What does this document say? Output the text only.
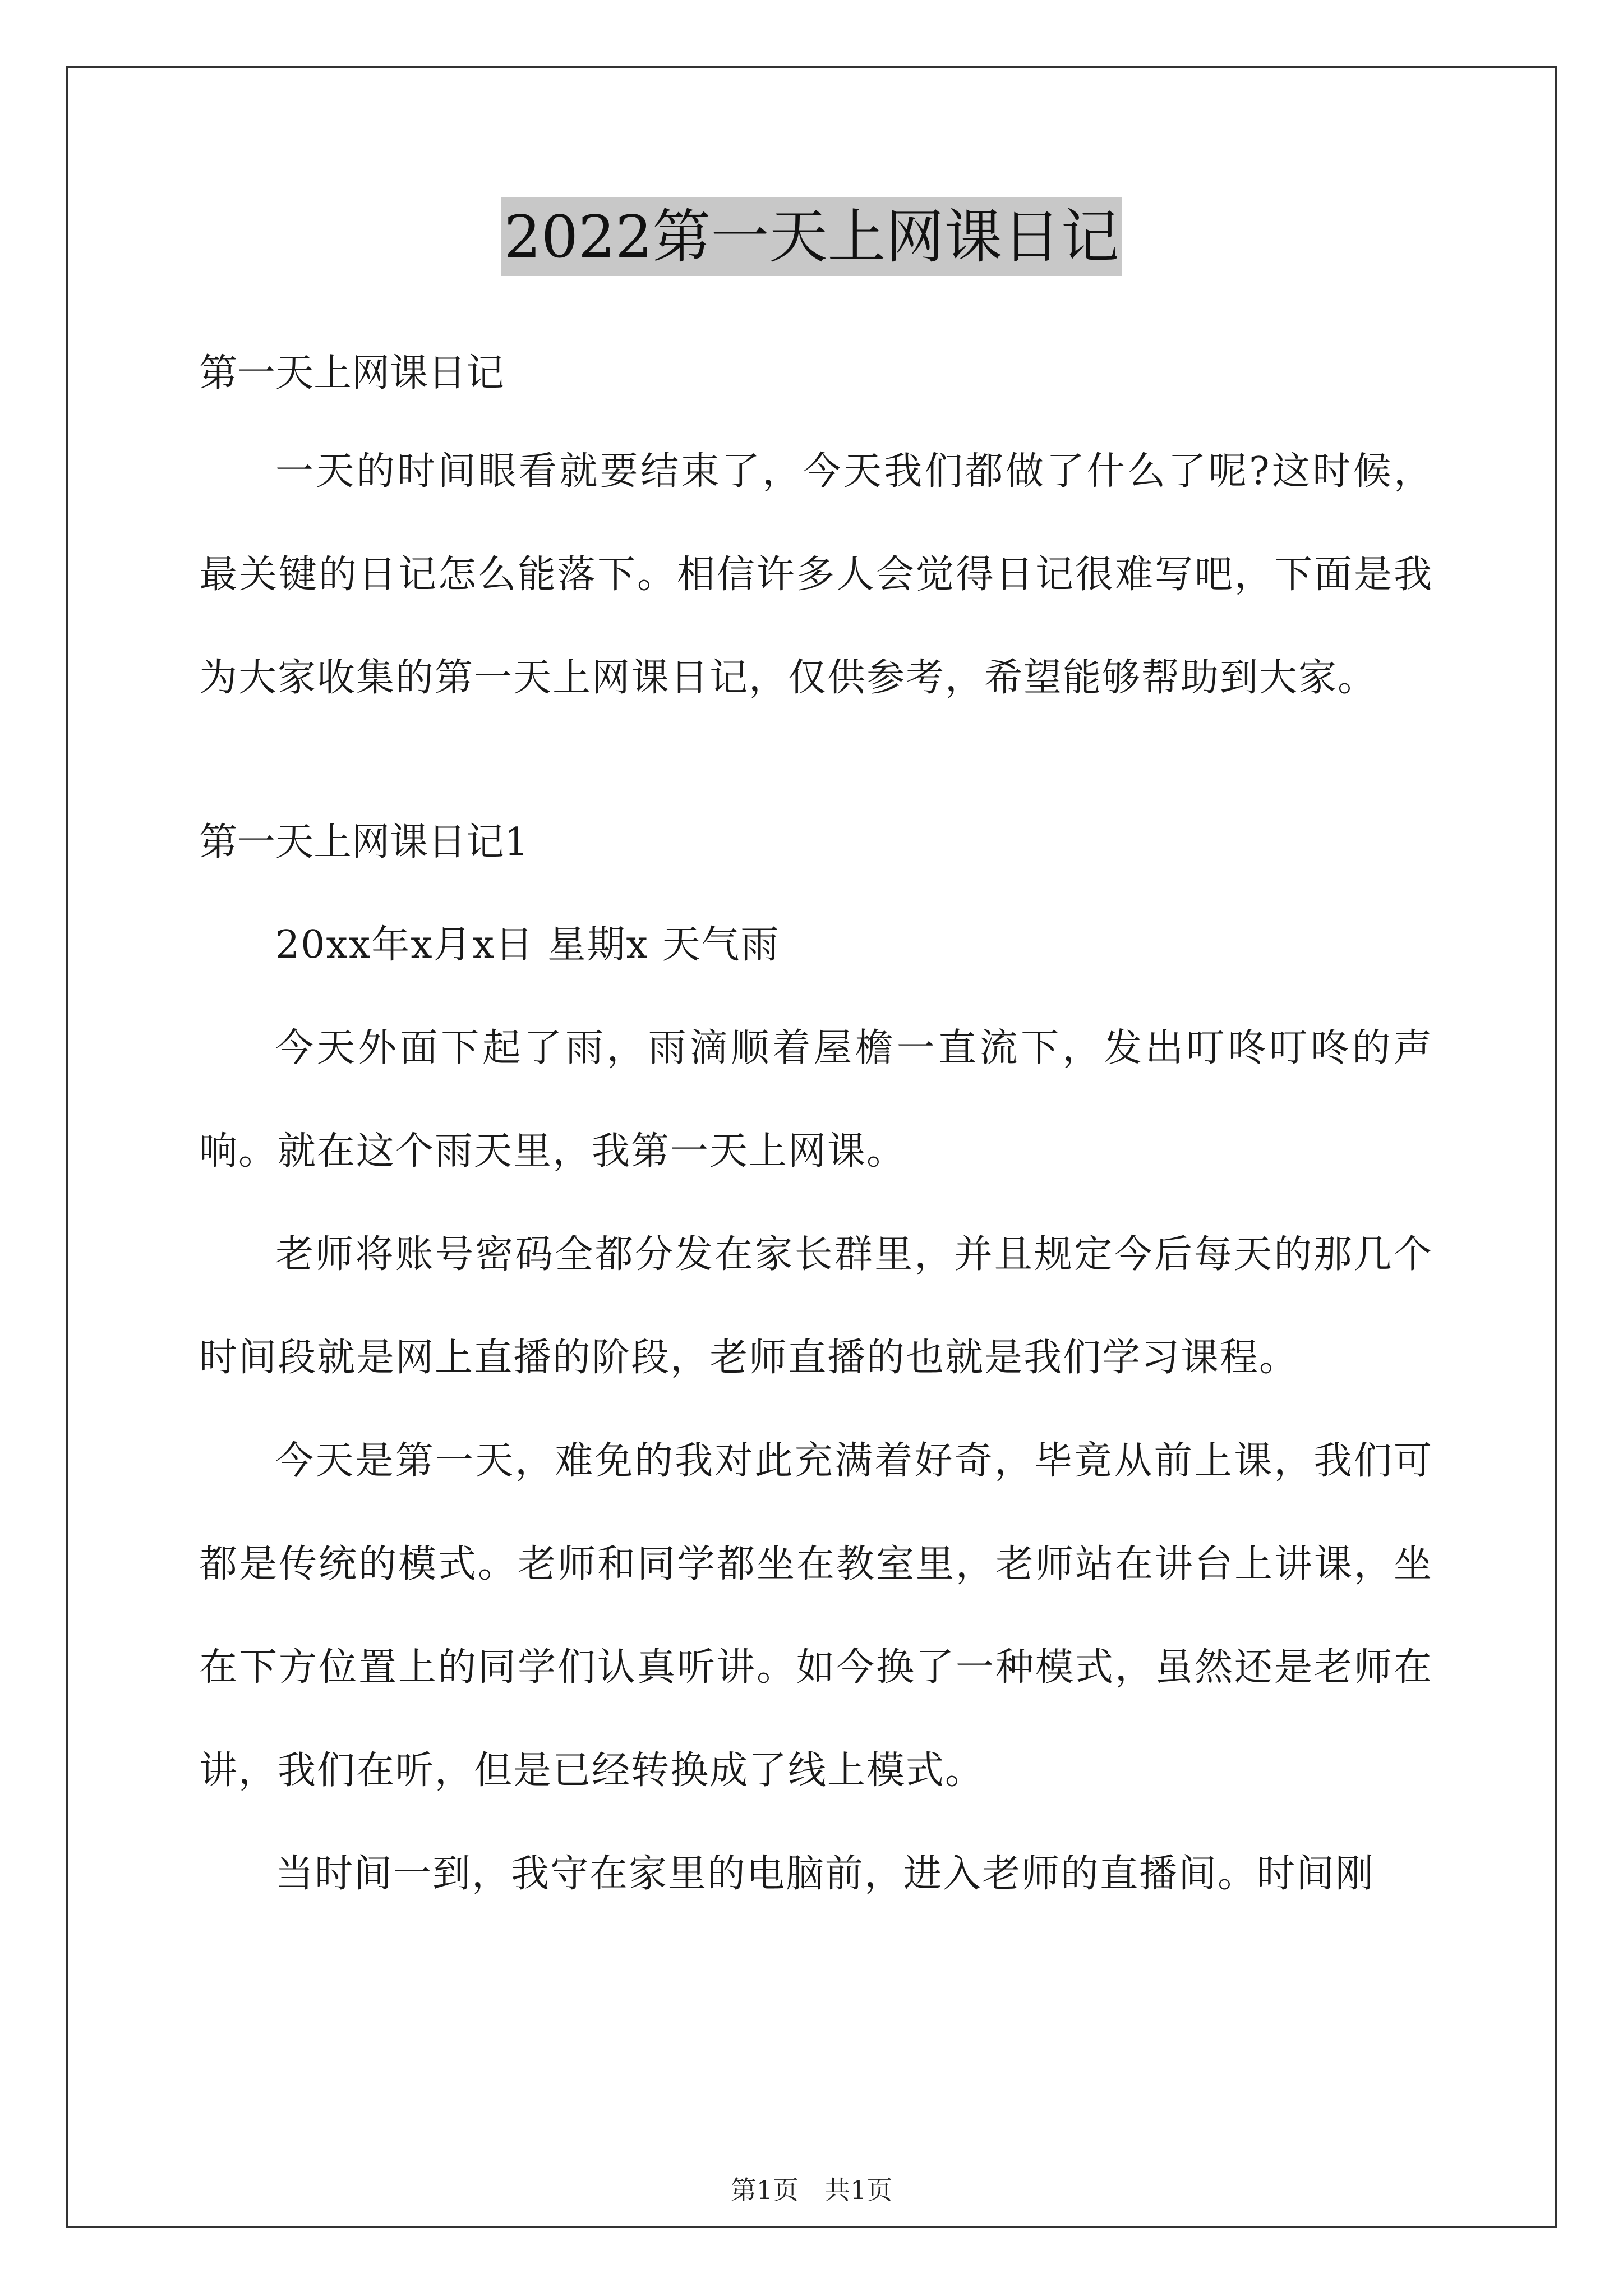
2022第一天上网课日记

第一天上网课日记

一天的时间眼看就要结束了，今天我们都做了什么了呢?这时候，最关键的日记怎么能落下。相信许多人会觉得日记很难写吧，下面是我为大家收集的第一天上网课日记，仅供参考，希望能够帮助到大家。

第一天上网课日记1

20xx年x月x日 星期x 天气雨

今天外面下起了雨，雨滴顺着屋檐一直流下，发出叮咚叮咚的声响。就在这个雨天里，我第一天上网课。

老师将账号密码全都分发在家长群里，并且规定今后每天的那几个时间段就是网上直播的阶段，老师直播的也就是我们学习课程。

今天是第一天，难免的我对此充满着好奇，毕竟从前上课，我们可都是传统的模式。老师和同学都坐在教室里，老师站在讲台上讲课，坐在下方位置上的同学们认真听讲。如今换了一种模式，虽然还是老师在讲，我们在听，但是已经转换成了线上模式。

当时间一到，我守在家里的电脑前，进入老师的直播间。时间刚

第1页 共1页
